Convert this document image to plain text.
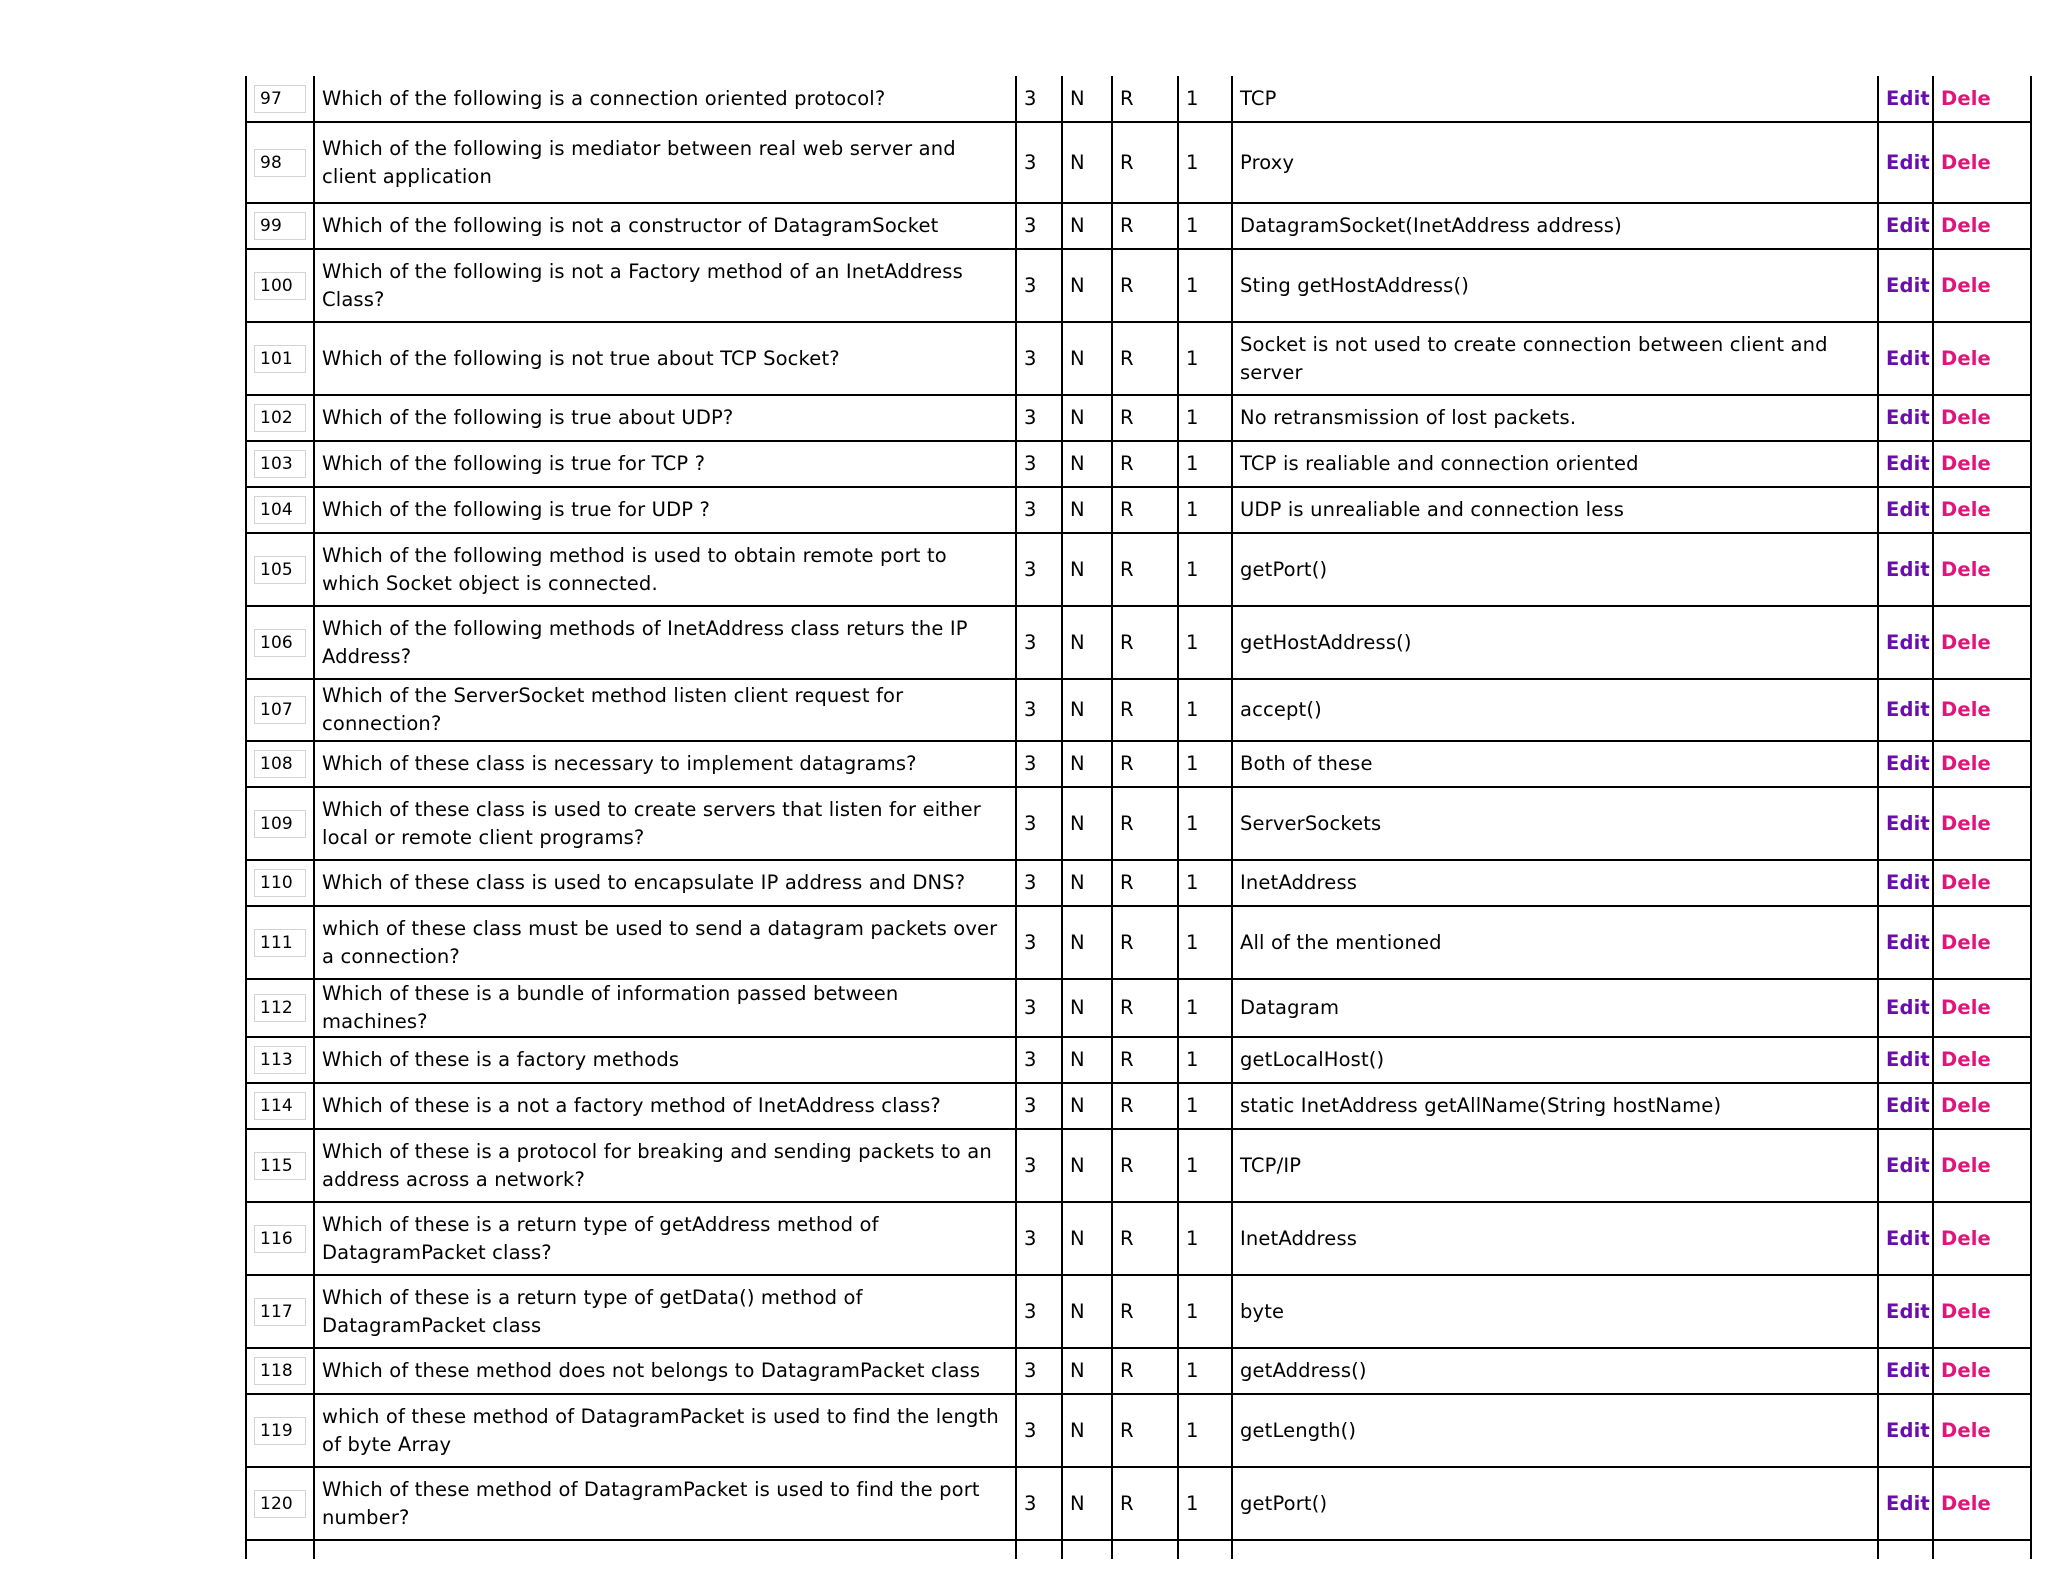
97	Which of the following is a connection oriented protocol?	3	N	R	1	TCP	Edit	Dele

98	Which of the following is mediator between real web server and client application	3	N	R	1	Proxy	Edit	Dele

99	Which of the following is not a constructor of DatagramSocket	3	N	R	1	DatagramSocket(InetAddress address)	Edit	Dele

100	Which of the following is not a Factory method of an InetAddress Class?	3	N	R	1	Sting getHostAddress()	Edit	Dele

101	Which of the following is not true about TCP Socket?	3	N	R	1	Socket is not used to create connection between client and server	Edit	Dele

102	Which of the following is true about UDP?	3	N	R	1	No retransmission of lost packets.	Edit	Dele

103	Which of the following is true for TCP ?	3	N	R	1	TCP is realiable and connection oriented	Edit	Dele

104	Which of the following is true for UDP ?	3	N	R	1	UDP is unrealiable and connection less	Edit	Dele

105	Which of the following method is used to obtain remote port to which Socket object is connected.	3	N	R	1	getPort()	Edit	Dele

106	Which of the following methods of InetAddress class returs the IP Address?	3	N	R	1	getHostAddress()	Edit	Dele

107	Which of the ServerSocket method listen client request for connection?	3	N	R	1	accept()	Edit	Dele

108	Which of these class is necessary to implement datagrams?	3	N	R	1	Both of these	Edit	Dele

109	Which of these class is used to create servers that listen for either local or remote client programs?	3	N	R	1	ServerSockets	Edit	Dele

110	Which of these class is used to encapsulate IP address and DNS?	3	N	R	1	InetAddress	Edit	Dele

111	which of these class must be used to send a datagram packets over a connection?	3	N	R	1	All of the mentioned	Edit	Dele

112	Which of these is a bundle of information passed between machines?	3	N	R	1	Datagram	Edit	Dele

113	Which of these is a factory methods	3	N	R	1	getLocalHost()	Edit	Dele

114	Which of these is a not a factory method of InetAddress class?	3	N	R	1	static InetAddress getAllName(String hostName)	Edit	Dele

115	Which of these is a protocol for breaking and sending packets to an address across a network?	3	N	R	1	TCP/IP	Edit	Dele

116	Which of these is a return type of getAddress method of DatagramPacket class?	3	N	R	1	InetAddress	Edit	Dele

117	Which of these is a return type of getData() method of DatagramPacket class	3	N	R	1	byte	Edit	Dele

118	Which of these method does not belongs to DatagramPacket class	3	N	R	1	getAddress()	Edit	Dele

119	which of these method of DatagramPacket is used to find the length of byte Array	3	N	R	1	getLength()	Edit	Dele

120	Which of these method of DatagramPacket is used to find the port number?	3	N	R	1	getPort()	Edit	Dele
